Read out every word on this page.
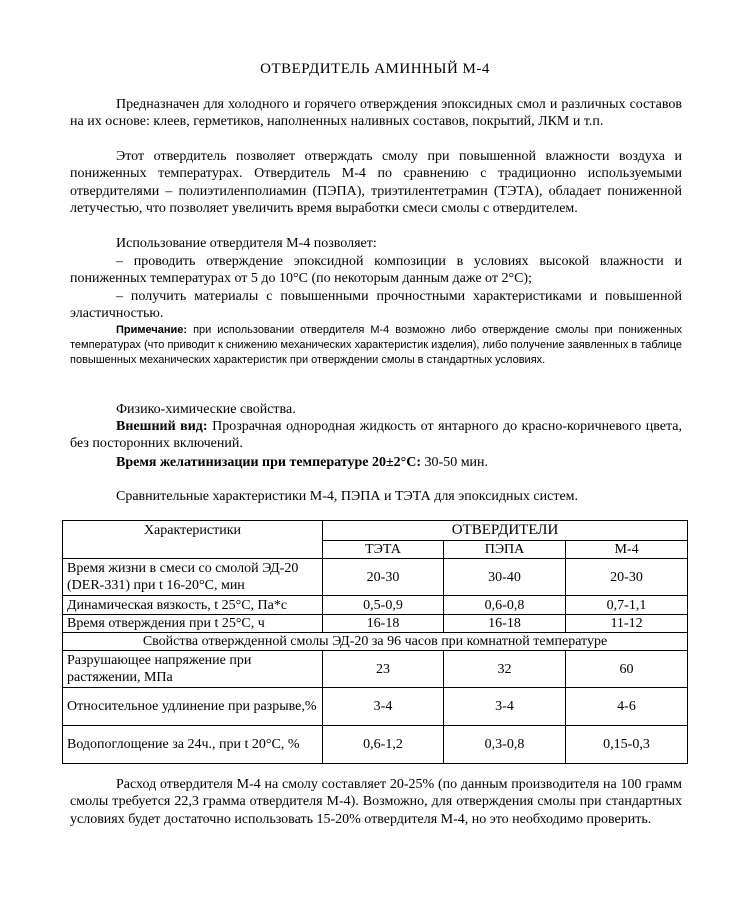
ОТВЕРДИТЕЛЬ АМИННЫЙ М-4

Предназначен для холодного и горячего отверждения эпоксидных смол и различных составов на их основе: клеев, герметиков, наполненных наливных составов, покрытий, ЛКМ и т.п.

Этот отвердитель позволяет отверждать смолу при повышенной влажности воздуха и пониженных температурах. Отвердитель М-4 по сравнению с традиционно используемыми отвердителями – полиэтиленполиамин (ПЭПА), триэтилентетрамин (ТЭТА), обладает пониженной летучестью, что позволяет увеличить время выработки смеси смолы с отвердителем.

Использование отвердителя М-4 позволяет:

– проводить отверждение эпоксидной композиции в условиях высокой влажности и пониженных температурах от 5 до 10°С (по некоторым данным даже от 2°С);

– получить материалы с повышенными прочностными характеристиками и повышенной эластичностью.

Примечание: при использовании отвердителя М-4 возможно либо отверждение смолы при пониженных температурах (что приводит к снижению механических характеристик изделия), либо получение заявленных в таблице повышенных механических характеристик при отверждении смолы в стандартных условиях.

Физико-химические свойства.

Внешний вид: Прозрачная однородная жидкость от янтарного до красно-коричневого цвета, без посторонних включений.

Время желатинизации при температуре 20±2°С: 30-50 мин.
Сравнительные характеристики М-4, ПЭПА и ТЭТА для эпоксидных систем.
Характеристики	ОТВЕРДИТЕЛИ		
	ТЭТА	ПЭПА	М-4
Время жизни в смеси со смолой ЭД-20 (DER-331) при t 16-20°С, мин	20-30	30-40	20-30
Динамическая вязкость, t 25°С, Па*с	0,5-0,9	0,6-0,8	0,7-1,1
Время отверждения при t 25°С, ч	16-18	16-18	11-12
Свойства отвержденной смолы ЭД-20 за 96 часов при комнатной температуре			
Разрушающее напряжение при растяжении, МПа	23	32	60
Относительное удлинение при разрыве,%	3-4	3-4	4-6
Водопоглощение за 24ч., при t 20°С, %	0,6-1,2	0,3-0,8	0,15-0,3

Расход отвердителя М-4 на смолу составляет 20-25% (по данным производителя на 100 грамм смолы требуется 22,3 грамма отвердителя М-4). Возможно, для отверждения смолы при стандартных условиях будет достаточно использовать 15-20% отвердителя М-4, но это необходимо проверить.
